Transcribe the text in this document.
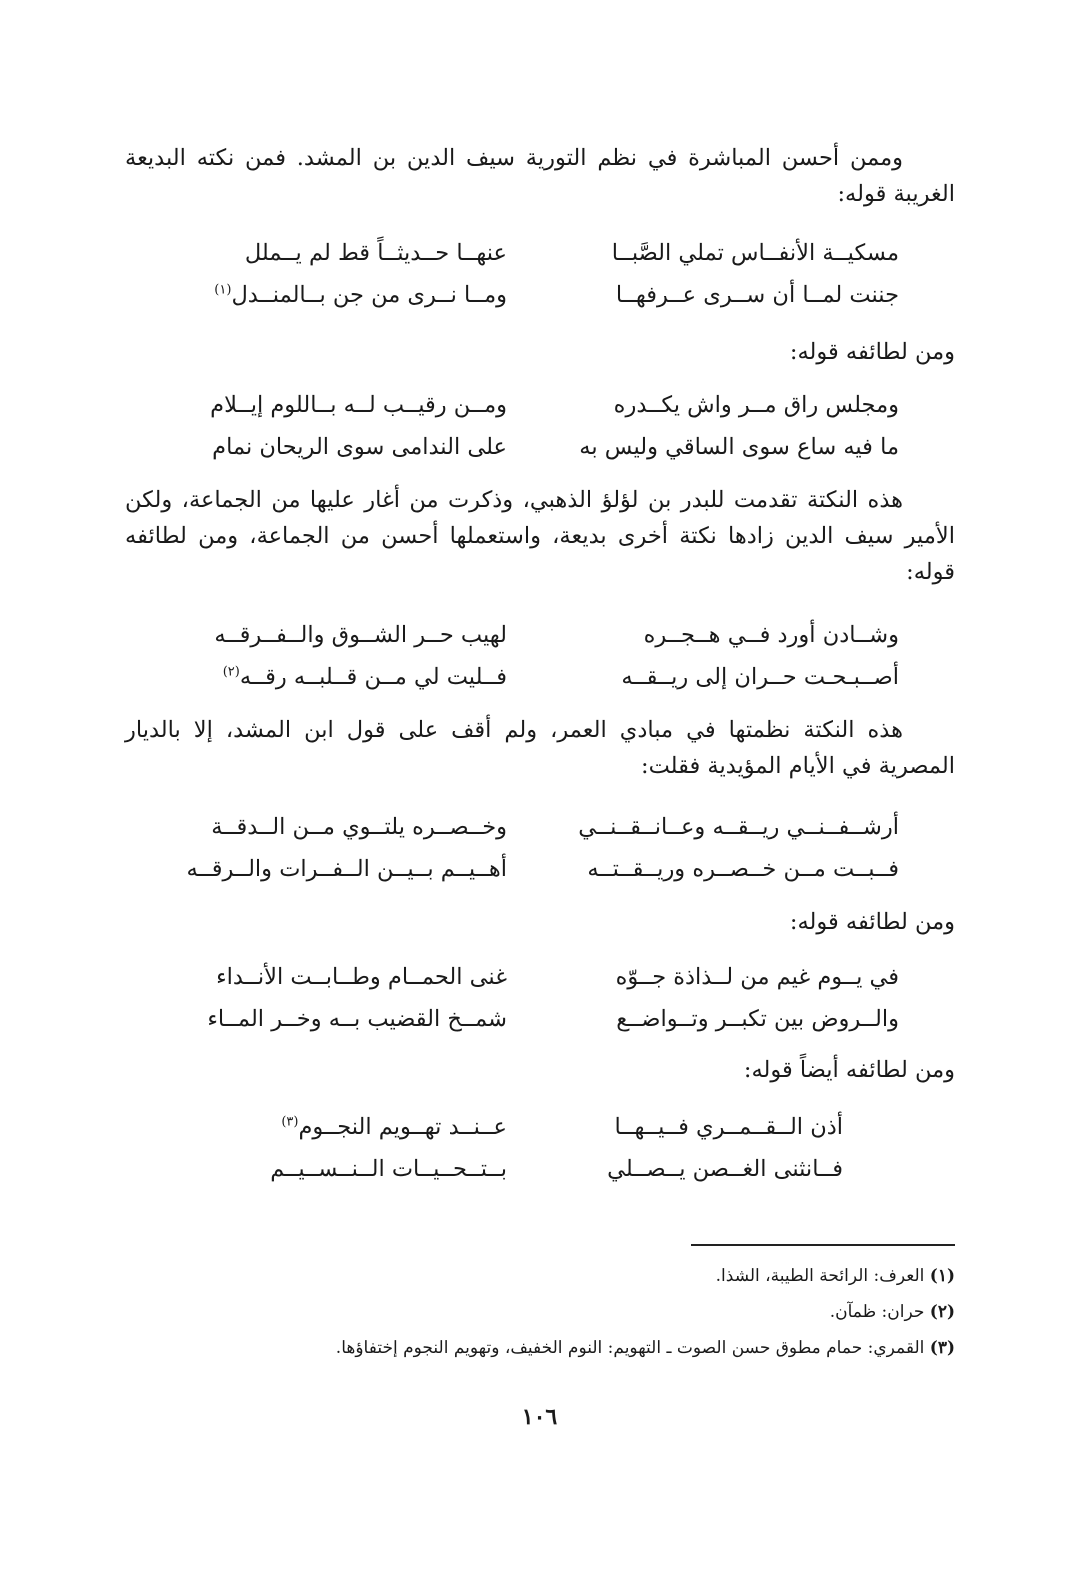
وممن أحسن المباشرة في نظم التورية سيف الدين بن المشد. فمن نكته البديعة الغريبة قوله:

مسكيــة الأنفــاس تملي الصَّبــا
عنهــا حــديثــاً قط لم يــملل
جننت لمــا أن ســرى عــرفهــا
ومــا نــرى من جن بــالمنــدل$^{(١)}$

ومن لطائفه قوله:

ومجلس راق مــر واش يكــدره
ومــن رقيــب لــه بــاللوم إيــلام
ما فيه ساع سوى الساقي وليس به
على الندامى سوى الريحان نمام

هذه النكتة تقدمت للبدر بن لؤلؤ الذهبي، وذكرت من أغار عليها من الجماعة، ولكن الأمير سيف الدين زادها نكتة أخرى بديعة، واستعملها أحسن من الجماعة، ومن لطائفه قوله:

وشــادن أورد فــي هــجــره
لهيب حــر الشــوق والــفــرقــه
أصــبـحـت حــران إلى ريــقــه
فــليت لي مــن قــلبــه رقــه$^{(٢)}$

هذه النكتة نظمتها في مبادي العمر، ولم أقف على قول ابن المشد، إلا بالديار المصرية في الأيام المؤيدية فقلت:

أرشــفــنــي ريــقــه وعــانــقــنــي
وخــصــره يلتــوي مــن الــدقــة
فــبــت مــن خــصــره وريــقــتــه
أهــيــم بــيــن الــفــرات والــرقــه

ومن لطائفه قوله:

في يــوم غيم من لــذاذة جــوّه
غنى الحمــام وطــابــت الأنــداء
والــروض بين تكبــر وتــواضــع
شمــخ القضيب بــه وخــر المــاء

ومن لطائفه أيضاً قوله:

أذن الــقــمــري فــيــهــا
عــنــد تهــويم النجــوم$^{(٣)}$
فــانثنى الغــصن يــصــلي
بــتــحــيــات الــنــســيــم

(١) العرف: الرائحة الطيبة، الشذا.

(٢) حران: ظمآن.

(٣) القمري: حمام مطوق حسن الصوت ـ التهويم: النوم الخفيف، وتهويم النجوم إختفاؤها.

١٠٦
